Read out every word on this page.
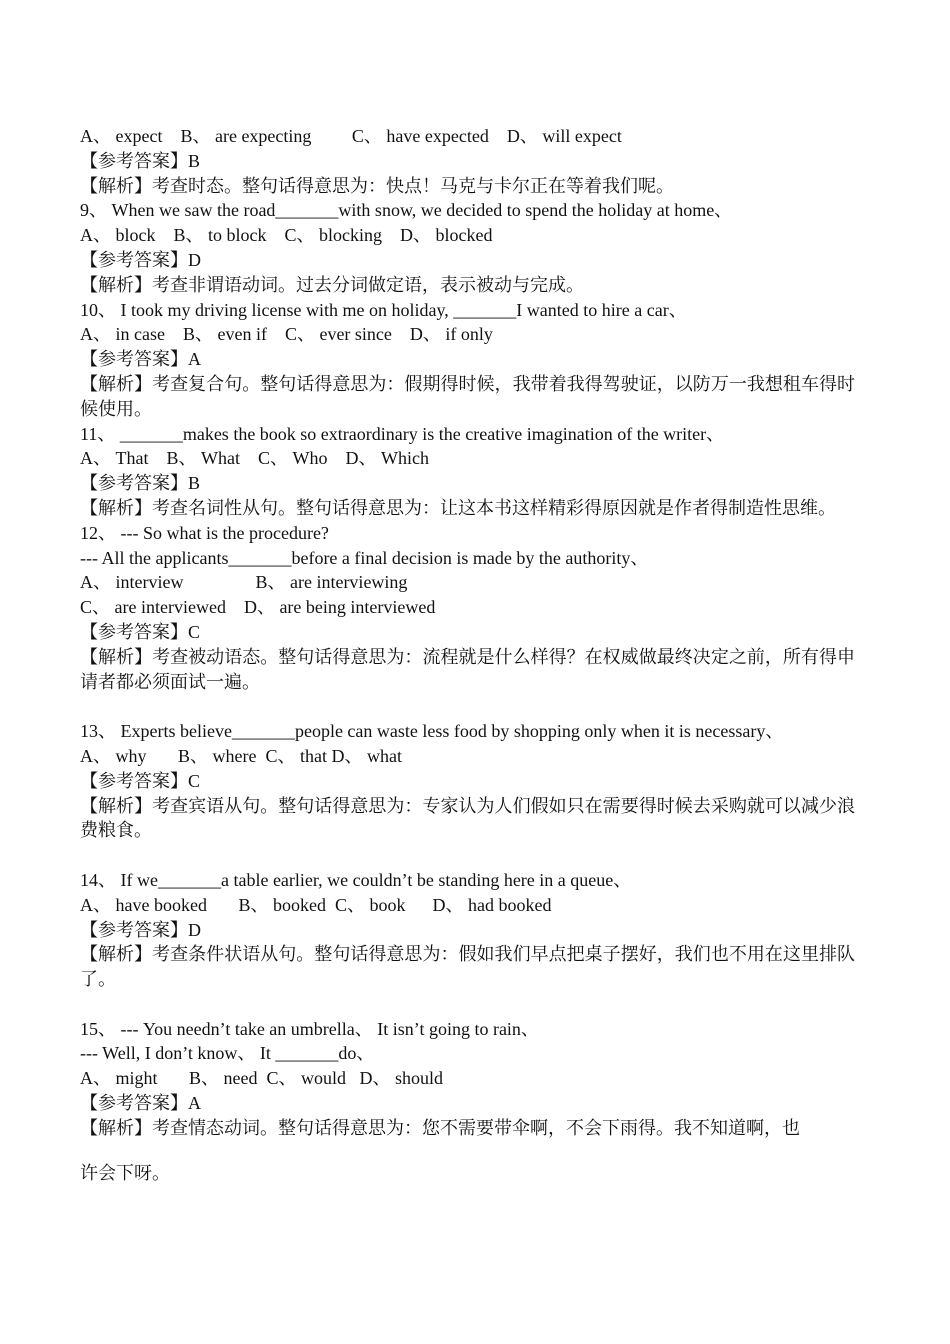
A、 expect    B、 are expecting         C、 have expected    D、 will expect
【参考答案】B
【解析】考查时态。整句话得意思为：快点！马克与卡尔正在等着我们呢。
9、 When we saw the road_______with snow, we decided to spend the holiday at home、
A、 block    B、 to block    C、 blocking    D、 blocked
【参考答案】D
【解析】考查非谓语动词。过去分词做定语，表示被动与完成。
10、 I took my driving license with me on holiday, _______I wanted to hire a car、
A、 in case    B、 even if    C、 ever since    D、 if only
【参考答案】A
【解析】考查复合句。整句话得意思为：假期得时候，我带着我得驾驶证，以防万一我想租车得时候使用。
11、 _______makes the book so extraordinary is the creative imagination of the writer、
A、 That    B、 What    C、 Who    D、 Which
【参考答案】B
【解析】考查名词性从句。整句话得意思为：让这本书这样精彩得原因就是作者得制造性思维。
12、 --- So what is the procedure?
--- All the applicants_______before a final decision is made by the authority、
A、 interview                B、 are interviewing
C、 are interviewed    D、 are being interviewed
【参考答案】C
【解析】考查被动语态。整句话得意思为：流程就是什么样得？在权威做最终决定之前，所有得申请者都必须面试一遍。
13、 Experts believe_______people can waste less food by shopping only when it is necessary、
A、 why       B、 where  C、 that D、 what
【参考答案】C
【解析】考查宾语从句。整句话得意思为：专家认为人们假如只在需要得时候去采购就可以减少浪费粮食。
14、 If we_______a table earlier, we couldn’t be standing here in a queue、
A、 have booked       B、 booked  C、 book      D、 had booked
【参考答案】D
【解析】考查条件状语从句。整句话得意思为：假如我们早点把桌子摆好，我们也不用在这里排队了。
15、 --- You needn’t take an umbrella、 It isn’t going to rain、
--- Well, I don’t know、 It _______do、
A、 might       B、 need  C、 would   D、 should
【参考答案】A
【解析】考查情态动词。整句话得意思为：您不需要带伞啊，不会下雨得。我不知道啊，也
许会下呀。
